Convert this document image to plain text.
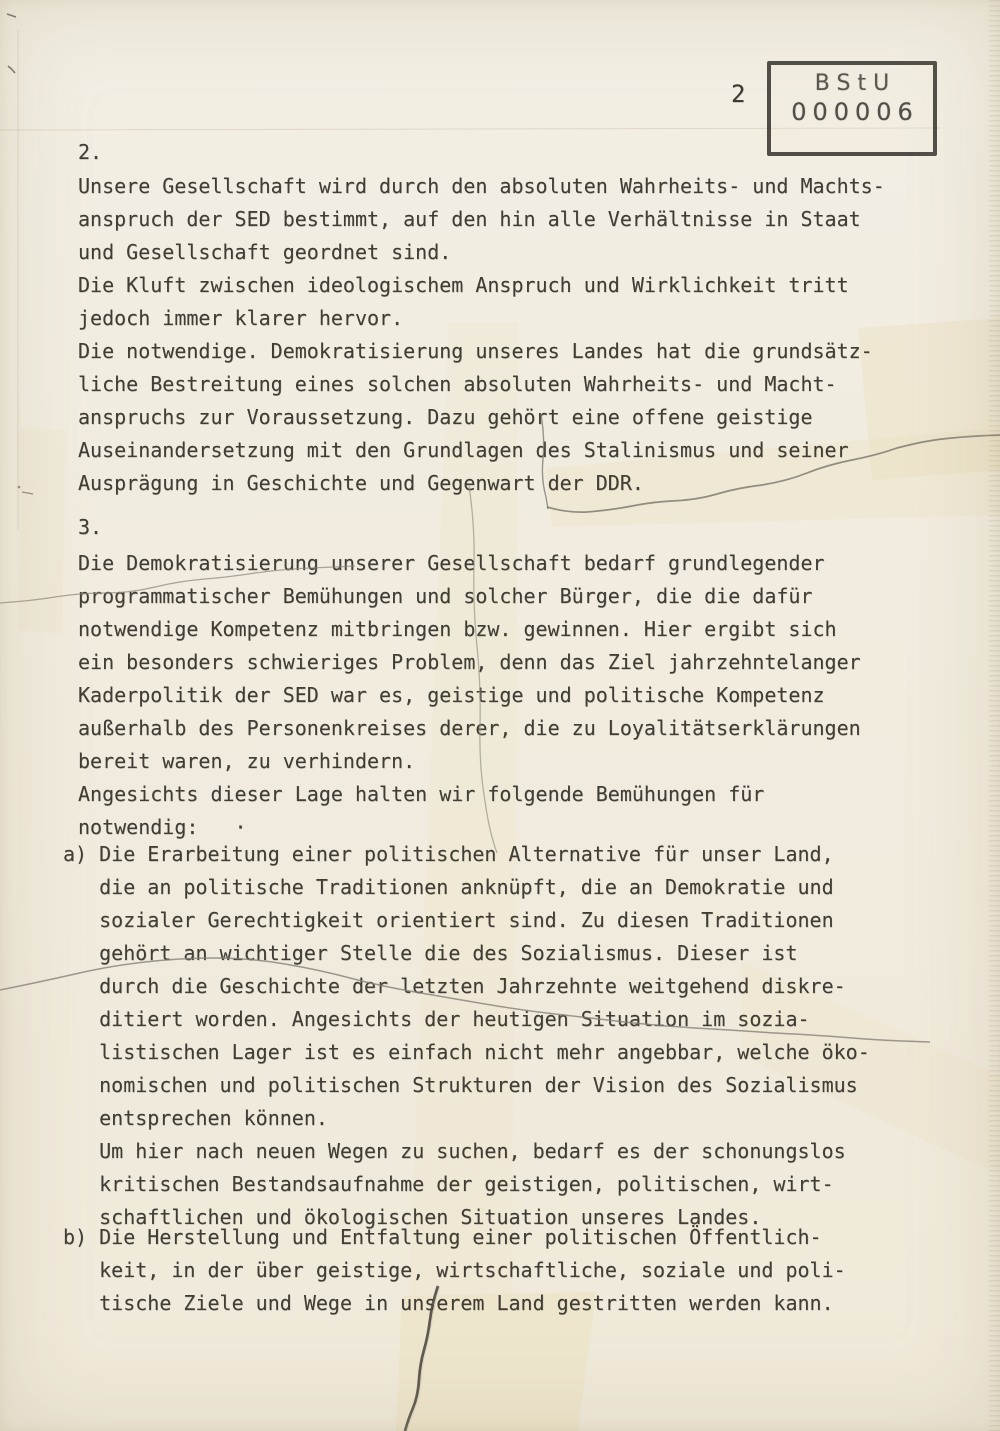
2	BStU
000006
2.
Unsere Gesellschaft wird durch den absoluten Wahrheits- und Machts-
anspruch der SED bestimmt, auf den hin alle Verhältnisse in Staat
und Gesellschaft geordnet sind.
Die Kluft zwischen ideologischem Anspruch und Wirklichkeit tritt
jedoch immer klarer hervor.
Die notwendige. Demokratisierung unseres Landes hat die grundsätz-
liche Bestreitung eines solchen absoluten Wahrheits- und Macht-
anspruchs zur Voraussetzung. Dazu gehört eine offene geistige
Auseinandersetzung mit den Grundlagen des Stalinismus und seiner
Ausprägung in Geschichte und Gegenwart der DDR.
3.
Die Demokratisierung unserer Gesellschaft bedarf grundlegender
programmatischer Bemühungen und solcher Bürger, die die dafür
notwendige Kompetenz mitbringen bzw. gewinnen. Hier ergibt sich
ein besonders schwieriges Problem, denn das Ziel jahrzehntelanger
Kaderpolitik der SED war es, geistige und politische Kompetenz
außerhalb des Personenkreises derer, die zu Loyalitätserklärungen
bereit waren, zu verhindern.
Angesichts dieser Lage halten wir folgende Bemühungen für
notwendig:   ·
a) Die Erarbeitung einer politischen Alternative für unser Land,
die an politische Traditionen anknüpft, die an Demokratie und
sozialer Gerechtigkeit orientiert sind. Zu diesen Traditionen
gehört an wichtiger Stelle die des Sozialismus. Dieser ist
durch die Geschichte der letzten Jahrzehnte weitgehend diskre-
ditiert worden. Angesichts der heutigen Situation im sozia-
listischen Lager ist es einfach nicht mehr angebbar, welche öko-
nomischen und politischen Strukturen der Vision des Sozialismus
entsprechen können.
Um hier nach neuen Wegen zu suchen, bedarf es der schonungslos
kritischen Bestandsaufnahme der geistigen, politischen, wirt-
schaftlichen und ökologischen Situation unseres Landes.
b) Die Herstellung und Entfaltung einer politischen Öffentlich-
keit, in der über geistige, wirtschaftliche, soziale und poli-
tische Ziele und Wege in unserem Land gestritten werden kann.
